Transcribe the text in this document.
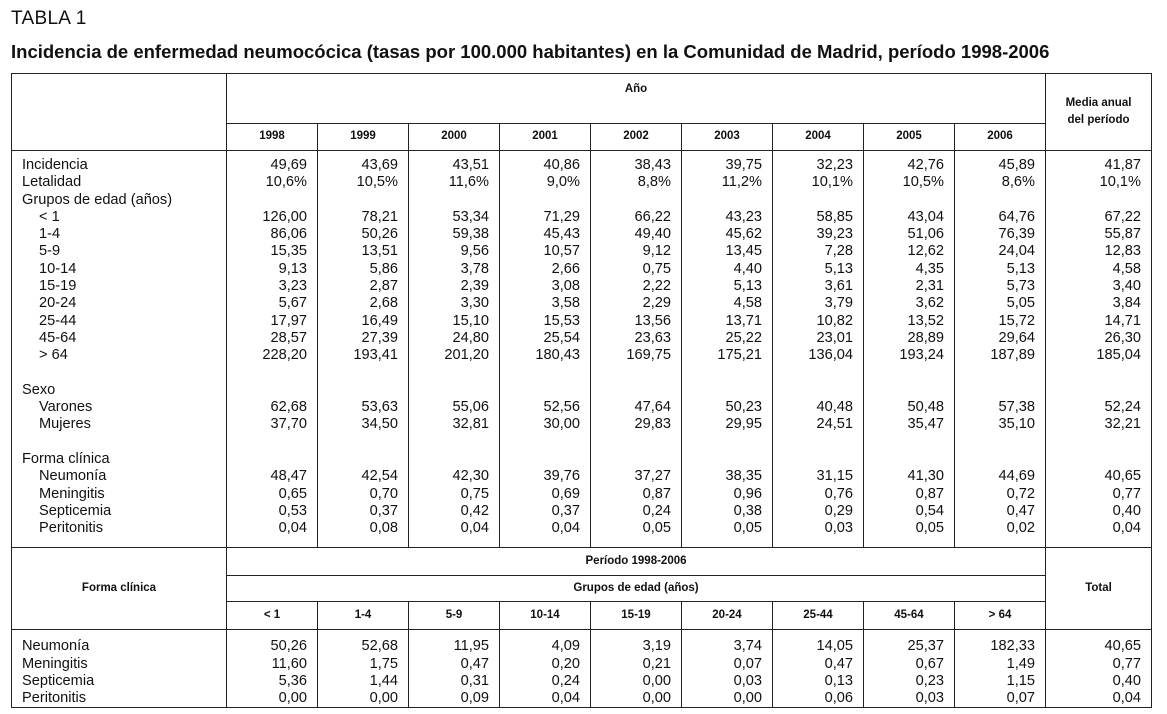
TABLA 1
Incidencia de enfermedad neumocócica (tasas por 100.000 habitantes) en la Comunidad de Madrid, período 1998-2006
	Año									Media anual
del período

	1998	1999	2000	2001	2002	2003	2004	2005	2006	
Incidencia	49,69	43,69	43,51	40,86	38,43	39,75	32,23	42,76	45,89	41,87
Letalidad	10,6%	10,5%	11,6%	9,0%	8,8%	11,2%	10,1%	10,5%	8,6%	10,1%
Grupos de edad (años)										
< 1	126,00	78,21	53,34	71,29	66,22	43,23	58,85	43,04	64,76	67,22
1-4	86,06	50,26	59,38	45,43	49,40	45,62	39,23	51,06	76,39	55,87
5-9	15,35	13,51	9,56	10,57	9,12	13,45	7,28	12,62	24,04	12,83
10-14	9,13	5,86	3,78	2,66	0,75	4,40	5,13	4,35	5,13	4,58
15-19	3,23	2,87	2,39	3,08	2,22	5,13	3,61	2,31	5,73	3,40
20-24	5,67	2,68	3,30	3,58	2,29	4,58	3,79	3,62	5,05	3,84
25-44	17,97	16,49	15,10	15,53	13,56	13,71	10,82	13,52	15,72	14,71
45-64	28,57	27,39	24,80	25,54	23,63	25,22	23,01	28,89	29,64	26,30
> 64	228,20	193,41	201,20	180,43	169,75	175,21	136,04	193,24	187,89	185,04

Sexo										
Varones	62,68	53,63	55,06	52,56	47,64	50,23	40,48	50,48	57,38	52,24
Mujeres	37,70	34,50	32,81	30,00	29,83	29,95	24,51	35,47	35,10	32,21

Forma clínica										
Neumonía	48,47	42,54	42,30	39,76	37,27	38,35	31,15	41,30	44,69	40,65
Meningitis	0,65	0,70	0,75	0,69	0,87	0,96	0,76	0,87	0,72	0,77
Septicemia	0,53	0,37	0,42	0,37	0,24	0,38	0,29	0,54	0,47	0,40
Peritonitis	0,04	0,08	0,04	0,04	0,05	0,05	0,03	0,05	0,02	0,04
Forma clínica	Período 1998-2006									Total
	Grupos de edad (años)									
	< 1	1-4	5-9	10-14	15-19	20-24	25-44	45-64	> 64	
Neumonía	50,26	52,68	11,95	4,09	3,19	3,74	14,05	25,37	182,33	40,65
Meningitis	11,60	1,75	0,47	0,20	0,21	0,07	0,47	0,67	1,49	0,77
Septicemia	5,36	1,44	0,31	0,24	0,00	0,03	0,13	0,23	1,15	0,40
Peritonitis	0,00	0,00	0,09	0,04	0,00	0,00	0,06	0,03	0,07	0,04
